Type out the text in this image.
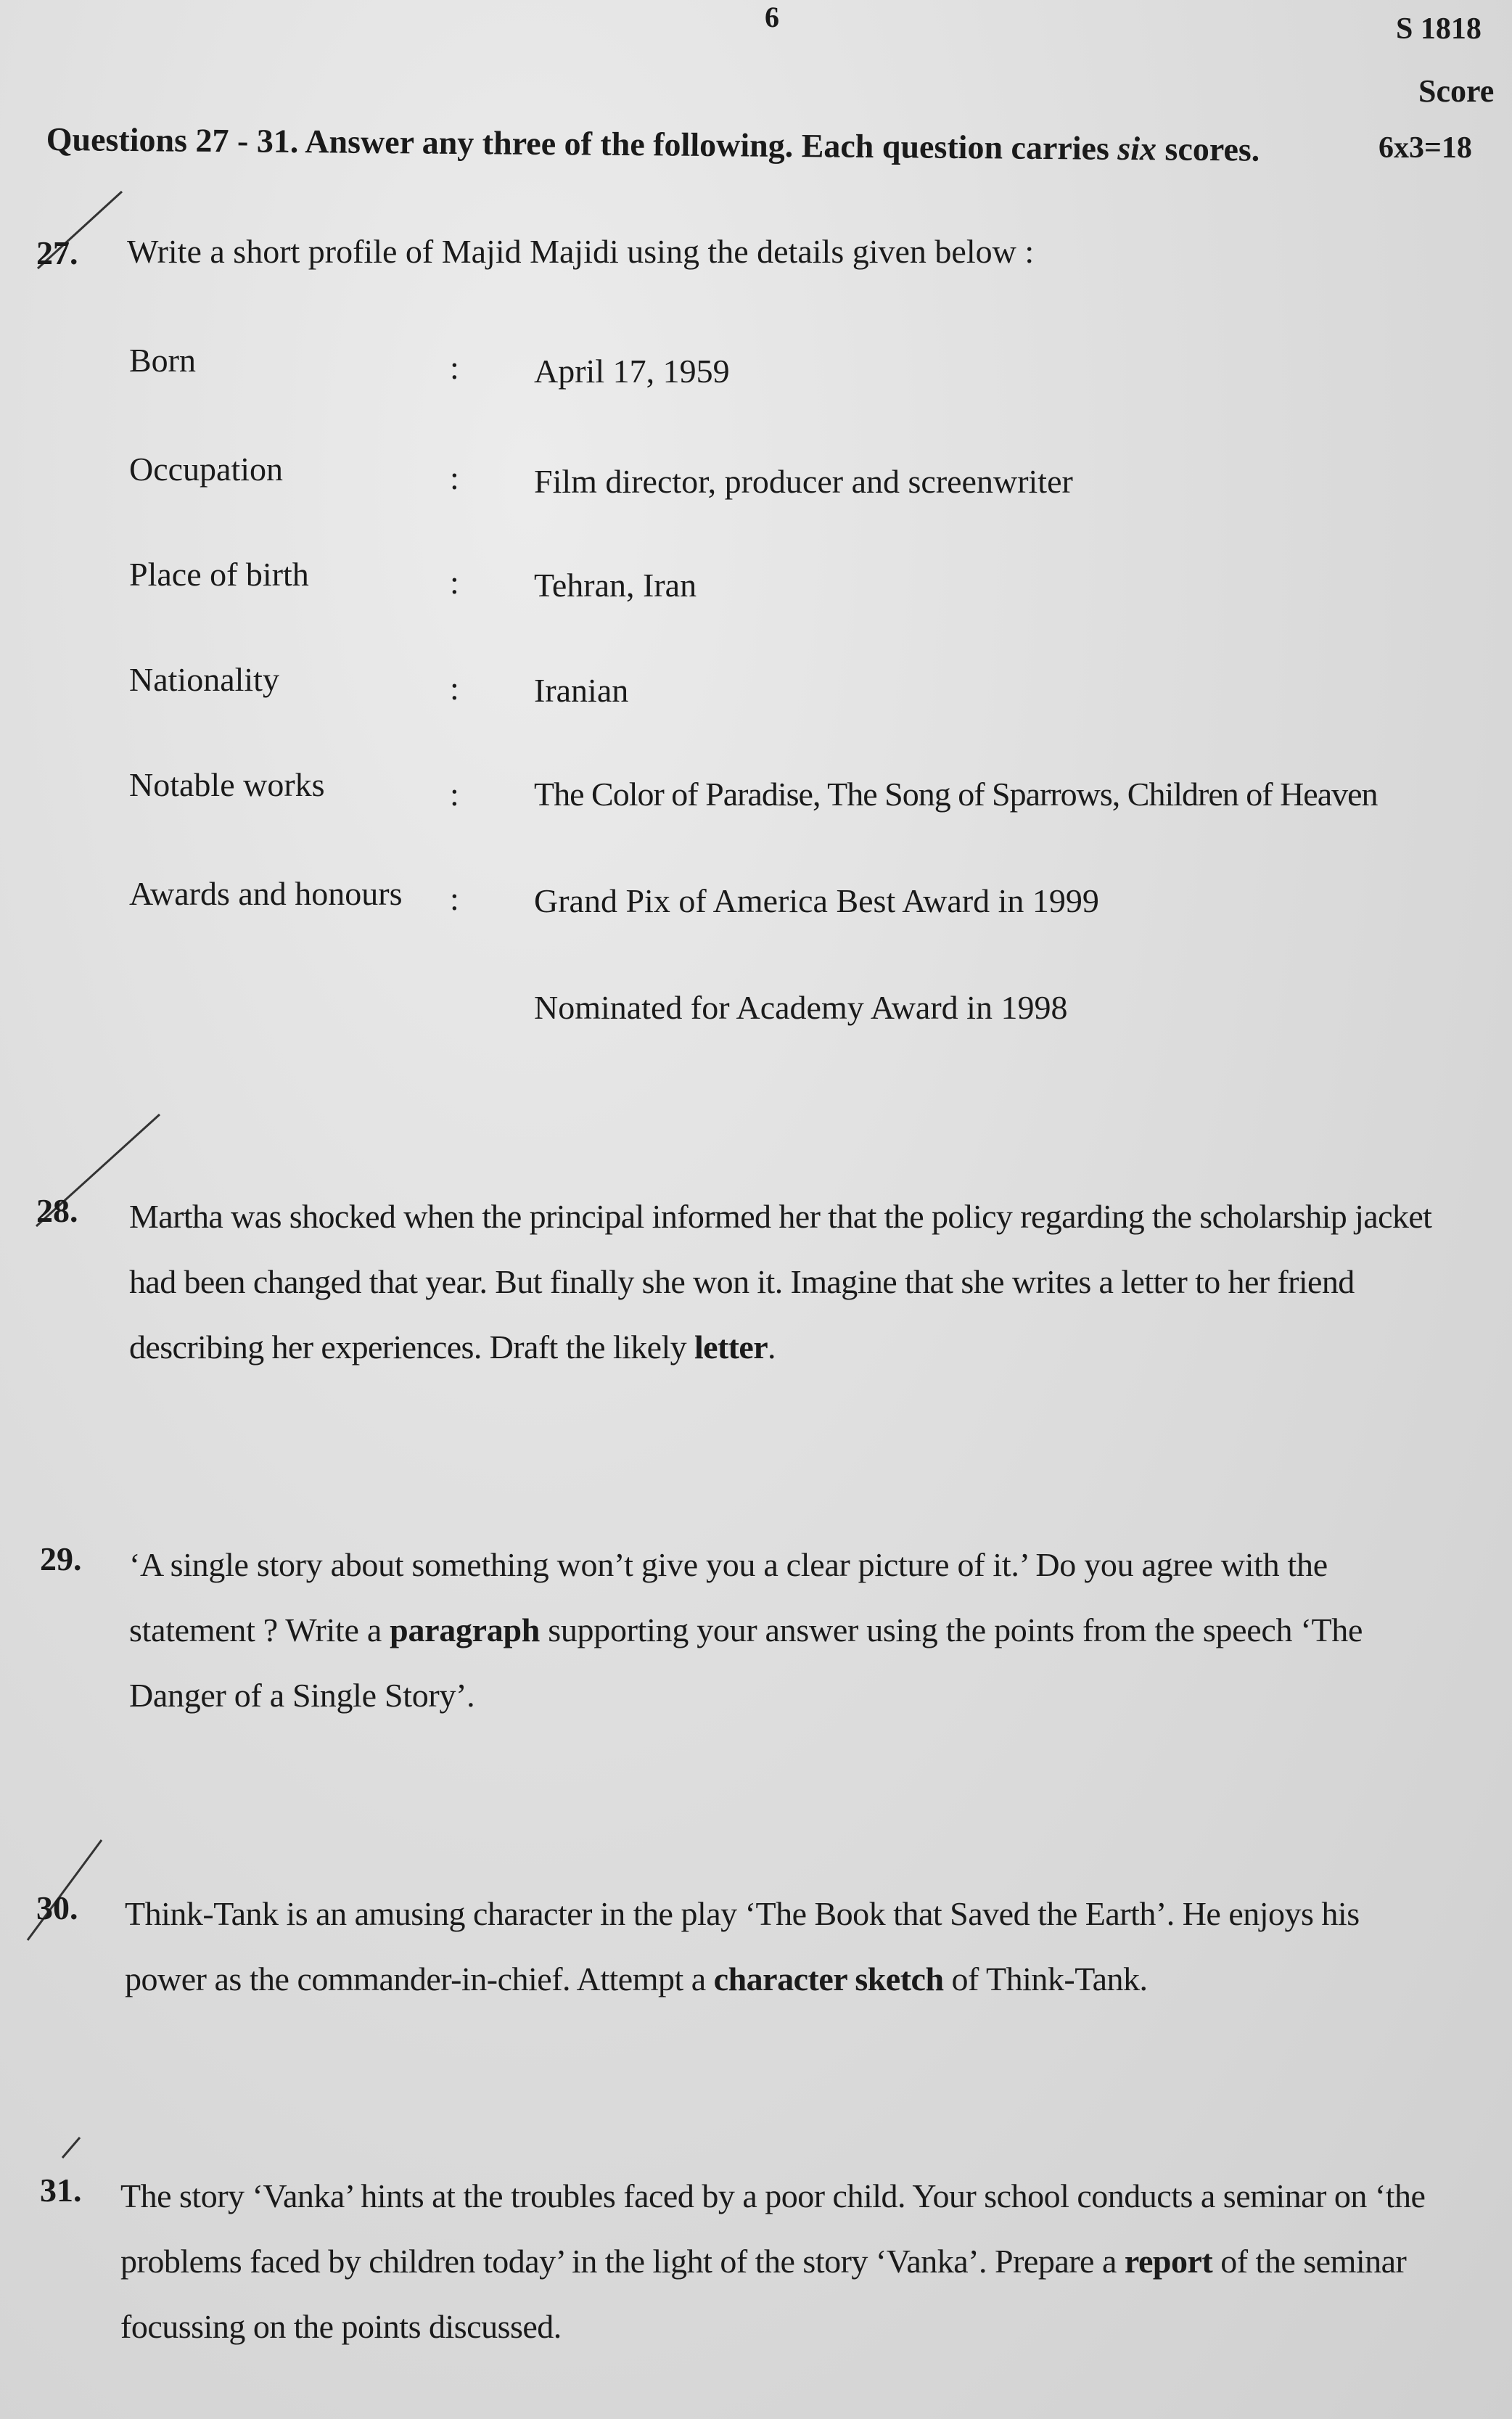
6	S 1818
Score
Questions 27 - 31. Answer any three of the following. Each question carries six scores.	6x3=18
27. Write a short profile of Majid Majidi using the details given below :
Born	: April 17, 1959
Occupation	: Film director, producer and screenwriter
Place of birth	: Tehran, Iran
Nationality	: Iranian
Notable works	: The Color of Paradise, The Song of Sparrows, Children of Heaven
Awards and honours : Grand Pix of America Best Award in 1999
Nominated for Academy Award in 1998
28. Martha was shocked when the principal informed her that the policy regarding the scholarship jacket had been changed that year. But finally she won it. Imagine that she writes a letter to her friend describing her experiences. Draft the likely letter.
29. ‘A single story about something won’t give you a clear picture of it.’ Do you agree with the statement ? Write a paragraph supporting your answer using the points from the speech ‘The Danger of a Single Story’.
30. Think-Tank is an amusing character in the play ‘The Book that Saved the Earth’. He enjoys his power as the commander-in-chief. Attempt a character sketch of Think-Tank.
31. The story ‘Vanka’ hints at the troubles faced by a poor child. Your school conducts a seminar on ‘the problems faced by children today’ in the light of the story ‘Vanka’. Prepare a report of the seminar focussing on the points discussed.
